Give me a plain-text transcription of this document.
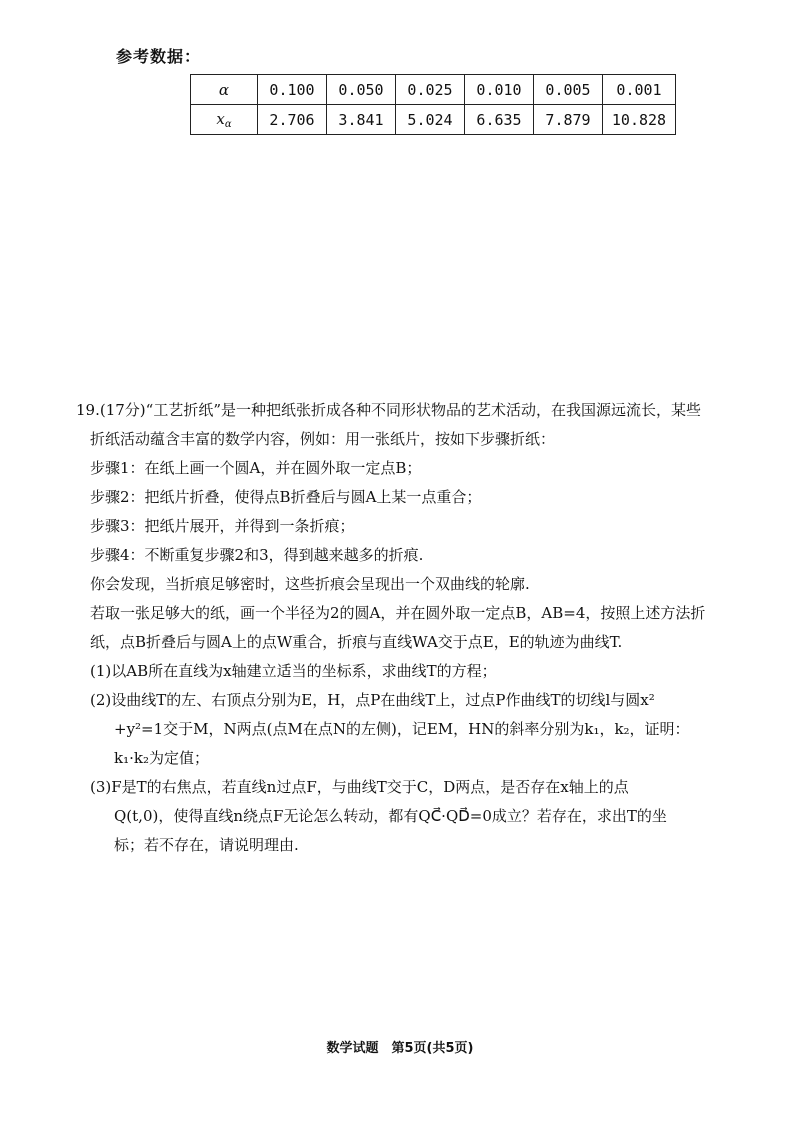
参考数据：
α	0.100	0.050	0.025	0.010	0.005	0.001
$x_\alpha$	2.706	3.841	5.024	6.635	7.879	10.828
19.(17分)“工艺折纸”是一种把纸张折成各种不同形状物品的艺术活动，在我国源远流长，某些
折纸活动蕴含丰富的数学内容，例如：用一张纸片，按如下步骤折纸：
步骤1：在纸上画一个圆A，并在圆外取一定点B；
步骤2：把纸片折叠，使得点B折叠后与圆A上某一点重合；
步骤3：把纸片展开，并得到一条折痕；
步骤4：不断重复步骤2和3，得到越来越多的折痕.
你会发现，当折痕足够密时，这些折痕会呈现出一个双曲线的轮廓.
若取一张足够大的纸，画一个半径为2的圆A，并在圆外取一定点B，AB=4，按照上述方法折
纸，点B折叠后与圆A上的点W重合，折痕与直线WA交于点E，E的轨迹为曲线T.
(1)以AB所在直线为x轴建立适当的坐标系，求曲线T的方程；
(2)设曲线T的左、右顶点分别为E，H，点P在曲线T上，过点P作曲线T的切线l与圆x²
+y²=1交于M，N两点(点M在点N的左侧)，记EM，HN的斜率分别为k₁，k₂，证明：
k₁·k₂为定值；
(3)F是T的右焦点，若直线n过点F，与曲线T交于C，D两点，是否存在x轴上的点
Q(t,0)，使得直线n绕点F无论怎么转动，都有QC⃗·QD⃗=0成立？若存在，求出T的坐
标；若不存在，请说明理由.
数学试题　第5页(共5页)
